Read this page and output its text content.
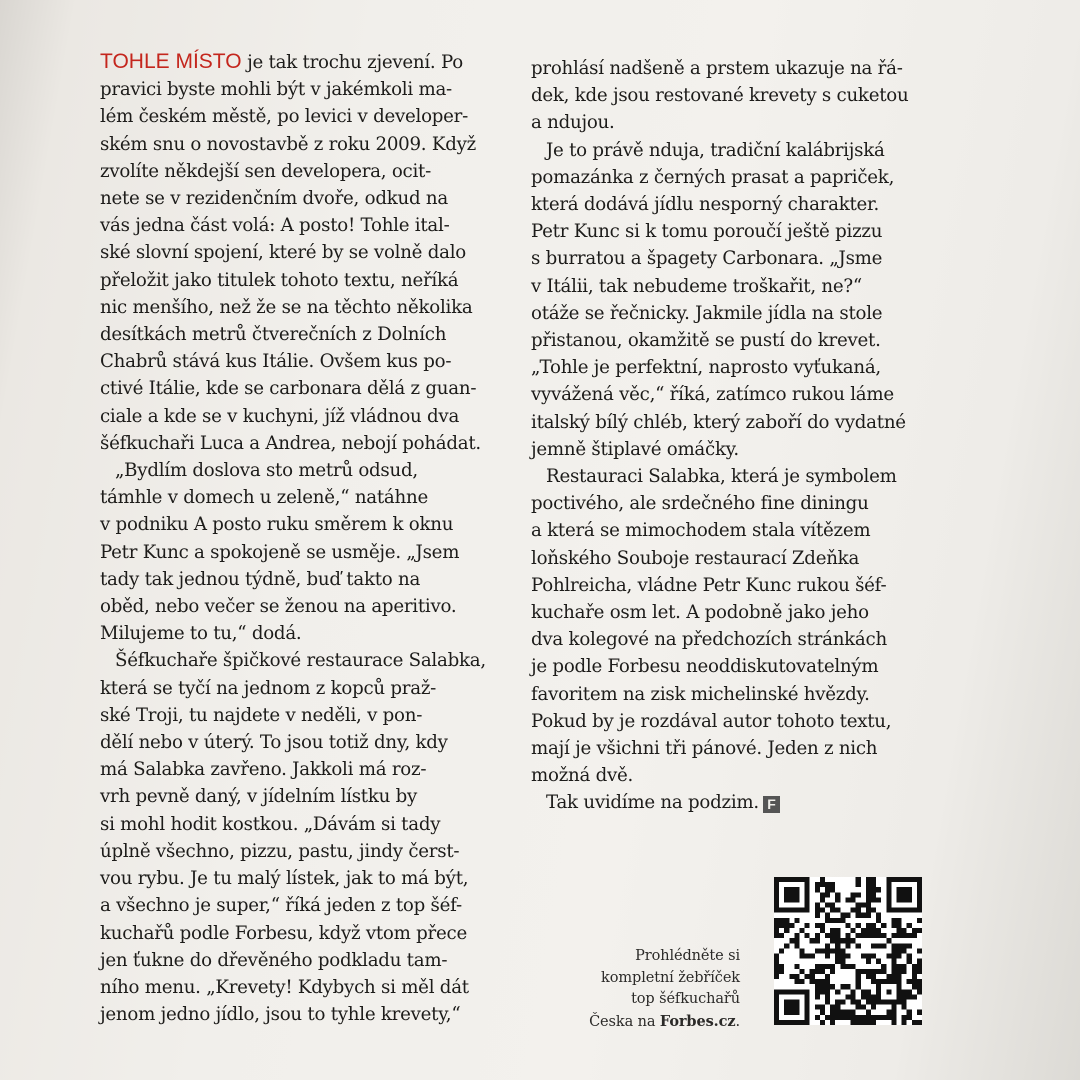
TOHLE MÍSTO je tak trochu zjevení. Po
pravici byste mohli být v jakémkoli ma-
lém českém městě, po levici v developer-
ském snu o novostavbě z roku 2009. Když
zvolíte někdejší sen developera, ocit-
nete se v rezidenčním dvoře, odkud na
vás jedna část volá: A posto! Tohle ital-
ské slovní spojení, které by se volně dalo
přeložit jako titulek tohoto textu, neříká
nic menšího, než že se na těchto několika
desítkách metrů čtverečních z Dolních
Chabrů stává kus Itálie. Ovšem kus po-
ctivé Itálie, kde se carbonara dělá z guan-
ciale a kde se v kuchyni, jíž vládnou dva
šéfkuchaři Luca a Andrea, nebojí pohádat.
„Bydlím doslova sto metrů odsud,
támhle v domech u zeleně,“ natáhne
v podniku A posto ruku směrem k oknu
Petr Kunc a spokojeně se usměje. „Jsem
tady tak jednou týdně, buď takto na
oběd, nebo večer se ženou na aperitivo.
Milujeme to tu,“ dodá.
Šéfkuchaře špičkové restaurace Salabka,
která se tyčí na jednom z kopců praž-
ské Troji, tu najdete v neděli, v pon-
dělí nebo v úterý. To jsou totiž dny, kdy
má Salabka zavřeno. Jakkoli má roz-
vrh pevně daný, v jídelním lístku by
si mohl hodit kostkou. „Dávám si tady
úplně všechno, pizzu, pastu, jindy čerst-
vou rybu. Je tu malý lístek, jak to má být,
a všechno je super,“ říká jeden z top šéf-
kuchařů podle Forbesu, když vtom přece
jen ťukne do dřevěného podkladu tam-
ního menu. „Krevety! Kdybych si měl dát
jenom jedno jídlo, jsou to tyhle krevety,“
prohlásí nadšeně a prstem ukazuje na řá-
dek, kde jsou restované krevety s cuketou
a ndujou.
Je to právě nduja, tradiční kalábrijská
pomazánka z černých prasat a papriček,
která dodává jídlu nesporný charakter.
Petr Kunc si k tomu poroučí ještě pizzu
s burratou a špagety Carbonara. „Jsme
v Itálii, tak nebudeme troškařit, ne?“
otáže se řečnicky. Jakmile jídla na stole
přistanou, okamžitě se pustí do krevet.
„Tohle je perfektní, naprosto vyťukaná,
vyvážená věc,“ říká, zatímco rukou láme
italský bílý chléb, který zaboří do vydatné
jemně štiplavé omáčky.
Restauraci Salabka, která je symbolem
poctivého, ale srdečného fine diningu
a která se mimochodem stala vítězem
loňského Souboje restaurací Zdeňka
Pohlreicha, vládne Petr Kunc rukou šéf-
kuchaře osm let. A podobně jako jeho
dva kolegové na předchozích stránkách
je podle Forbesu neoddiskutovatelným
favoritem na zisk michelinské hvězdy.
Pokud by je rozdával autor tohoto textu,
mají je všichni tři pánové. Jeden z nich
možná dvě.
Tak uvidíme na podzim. F
Prohlédněte si
kompletní žebříček
top šéfkuchařů
Česka na Forbes.cz.
